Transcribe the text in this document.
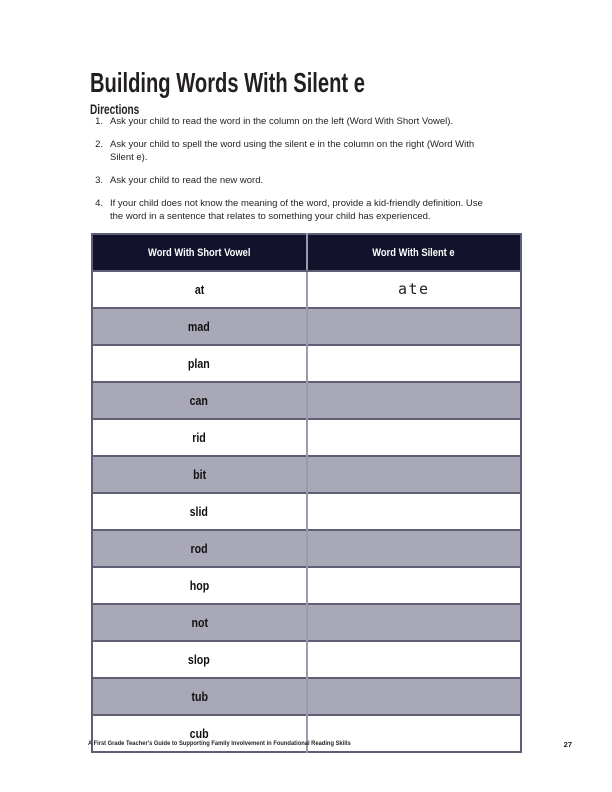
Building Words With Silent e
Directions
1. Ask your child to read the word in the column on the left (Word With Short Vowel).
2. Ask your child to spell the word using the silent e in the column on the right (Word With Silent e).
3. Ask your child to read the new word.
4. If your child does not know the meaning of the word, provide a kid-friendly definition. Use the word in a sentence that relates to something your child has experienced.
Word With Short Vowel	Word With Silent e
at	ate
mad	
plan	
can	
rid	
bit	
slid	
rod	
hop	
not	
slop	
tub	
cub	
A First Grade Teacher's Guide to Supporting Family Involvement in Foundational Reading Skills	27
